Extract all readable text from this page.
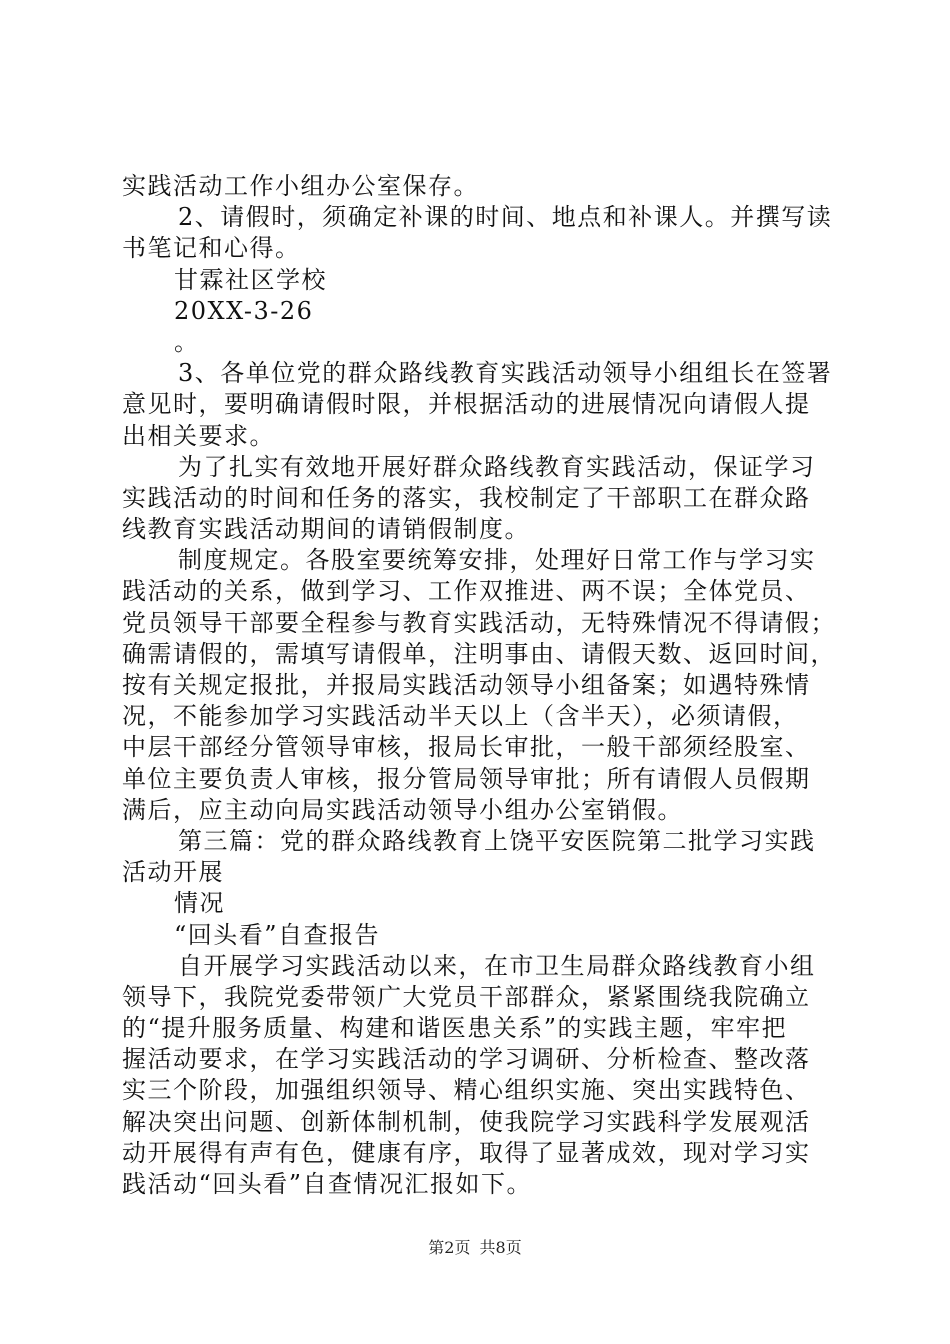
实践活动工作小组办公室保存。
2、请假时，须确定补课的时间、地点和补课人。并撰写读
书笔记和心得。
甘霖社区学校
20XX-3-26
。
3、各单位党的群众路线教育实践活动领导小组组长在签署
意见时，要明确请假时限，并根据活动的进展情况向请假人提
出相关要求。
为了扎实有效地开展好群众路线教育实践活动，保证学习
实践活动的时间和任务的落实，我校制定了干部职工在群众路
线教育实践活动期间的请销假制度。
制度规定。各股室要统筹安排，处理好日常工作与学习实
践活动的关系，做到学习、工作双推进、两不误；全体党员、
党员领导干部要全程参与教育实践活动，无特殊情况不得请假；
确需请假的，需填写请假单，注明事由、请假天数、返回时间，
按有关规定报批，并报局实践活动领导小组备案；如遇特殊情
况，不能参加学习实践活动半天以上（含半天），必须请假，
中层干部经分管领导审核，报局长审批，一般干部须经股室、
单位主要负责人审核，报分管局领导审批；所有请假人员假期
满后，应主动向局实践活动领导小组办公室销假。
第三篇：党的群众路线教育上饶平安医院第二批学习实践
活动开展
情况
“回头看”自查报告
自开展学习实践活动以来，在市卫生局群众路线教育小组
领导下，我院党委带领广大党员干部群众，紧紧围绕我院确立
的“提升服务质量、构建和谐医患关系”的实践主题，牢牢把
握活动要求，在学习实践活动的学习调研、分析检查、整改落
实三个阶段，加强组织领导、精心组织实施、突出实践特色、
解决突出问题、创新体制机制，使我院学习实践科学发展观活
动开展得有声有色，健康有序，取得了显著成效，现对学习实
践活动“回头看”自查情况汇报如下。
第2页 共8页
